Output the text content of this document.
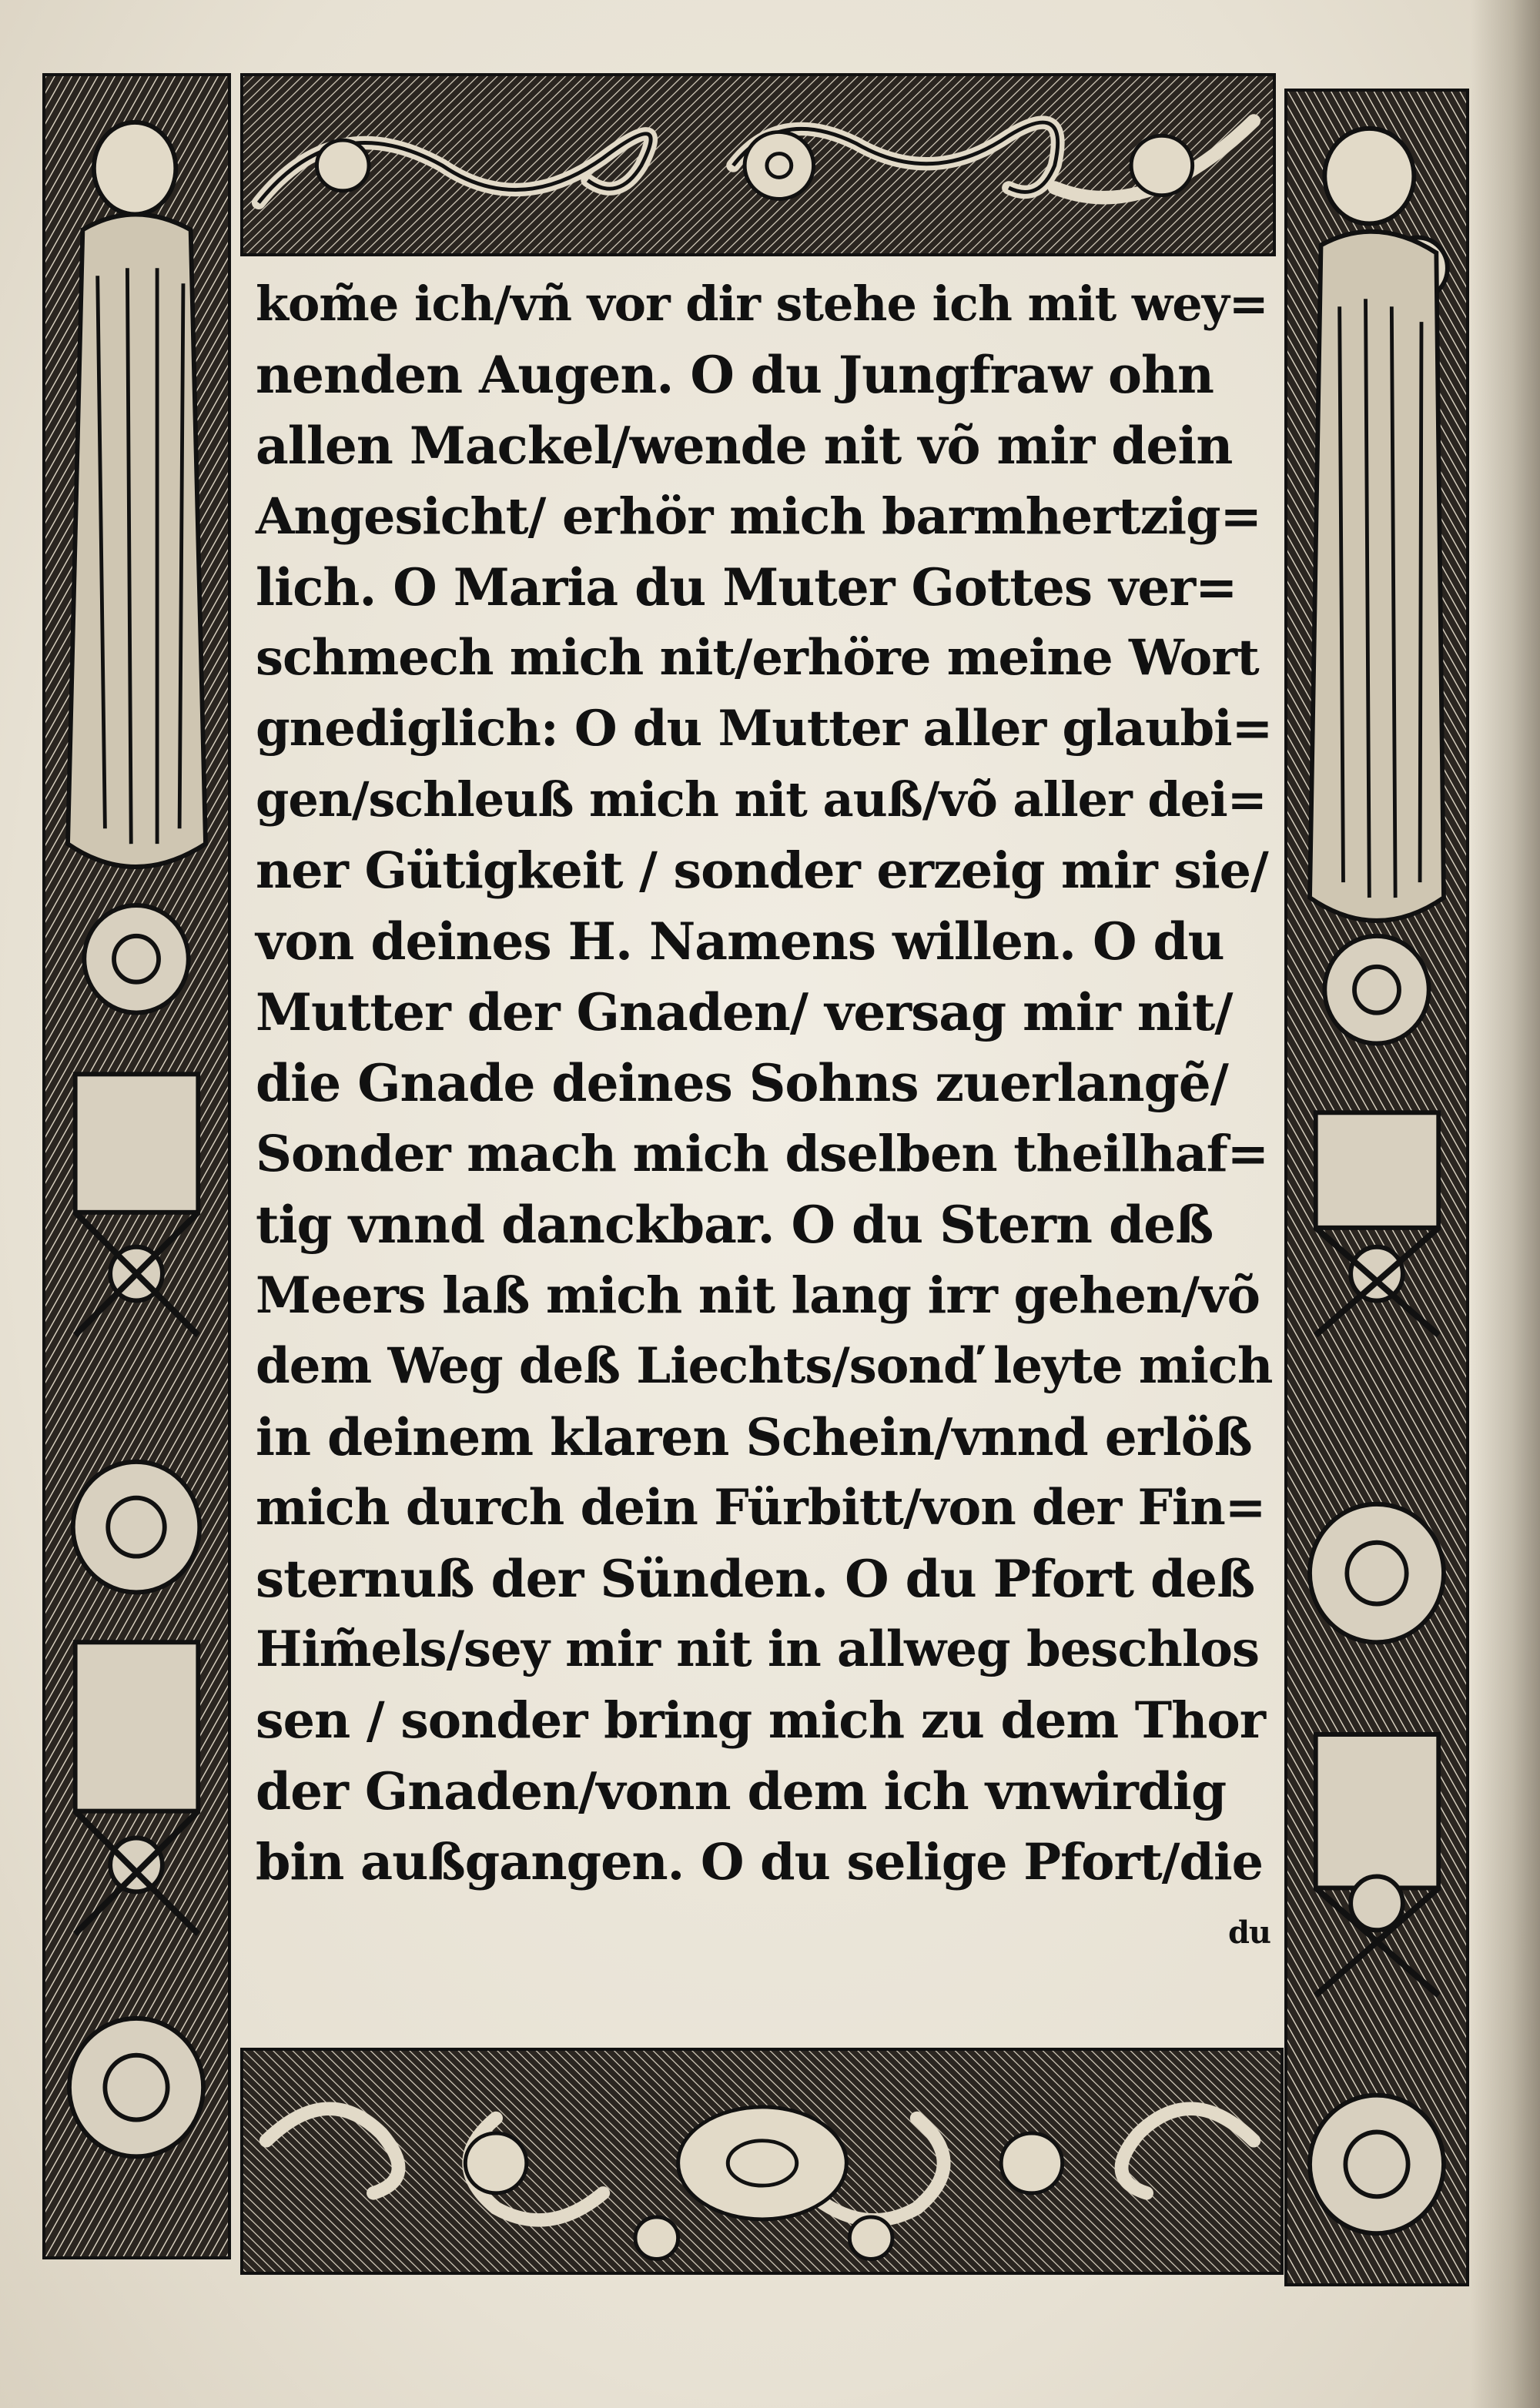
kom̃e ich/vñ vor dir stehe ich mit wey=
nenden Augen. O du Jungfraw ohn
allen Mackel/wende nit võ mir dein
Angesicht/ erhör mich barmhertzig=
lich. O Maria du Muter Gottes ver=
schmech mich nit/erhöre meine Wort
gnediglich: O du Mutter aller glaubi=
gen/schleuß mich nit auß/võ aller dei=
ner Gütigkeit / sonder erzeig mir sie/
von deines H. Namens willen. O du
Mutter der Gnaden/ versag mir nit/
die Gnade deines Sohns zuerlangẽ/
Sonder mach mich dselben theilhaf=
tig vnnd danckbar. O du Stern deß
Meers laß mich nit lang irr gehen/võ
dem Weg deß Liechts/sonď leyte mich
in deinem klaren Schein/vnnd erlöß
mich durch dein Fürbitt/von der Fin=
sternuß der Sünden. O du Pfort deß
Him̃els/sey mir nit in allweg beschlos
sen / sonder bring mich zu dem Thor
der Gnaden/vonn dem ich vnwirdig
bin außgangen. O du selige Pfort/die
du
